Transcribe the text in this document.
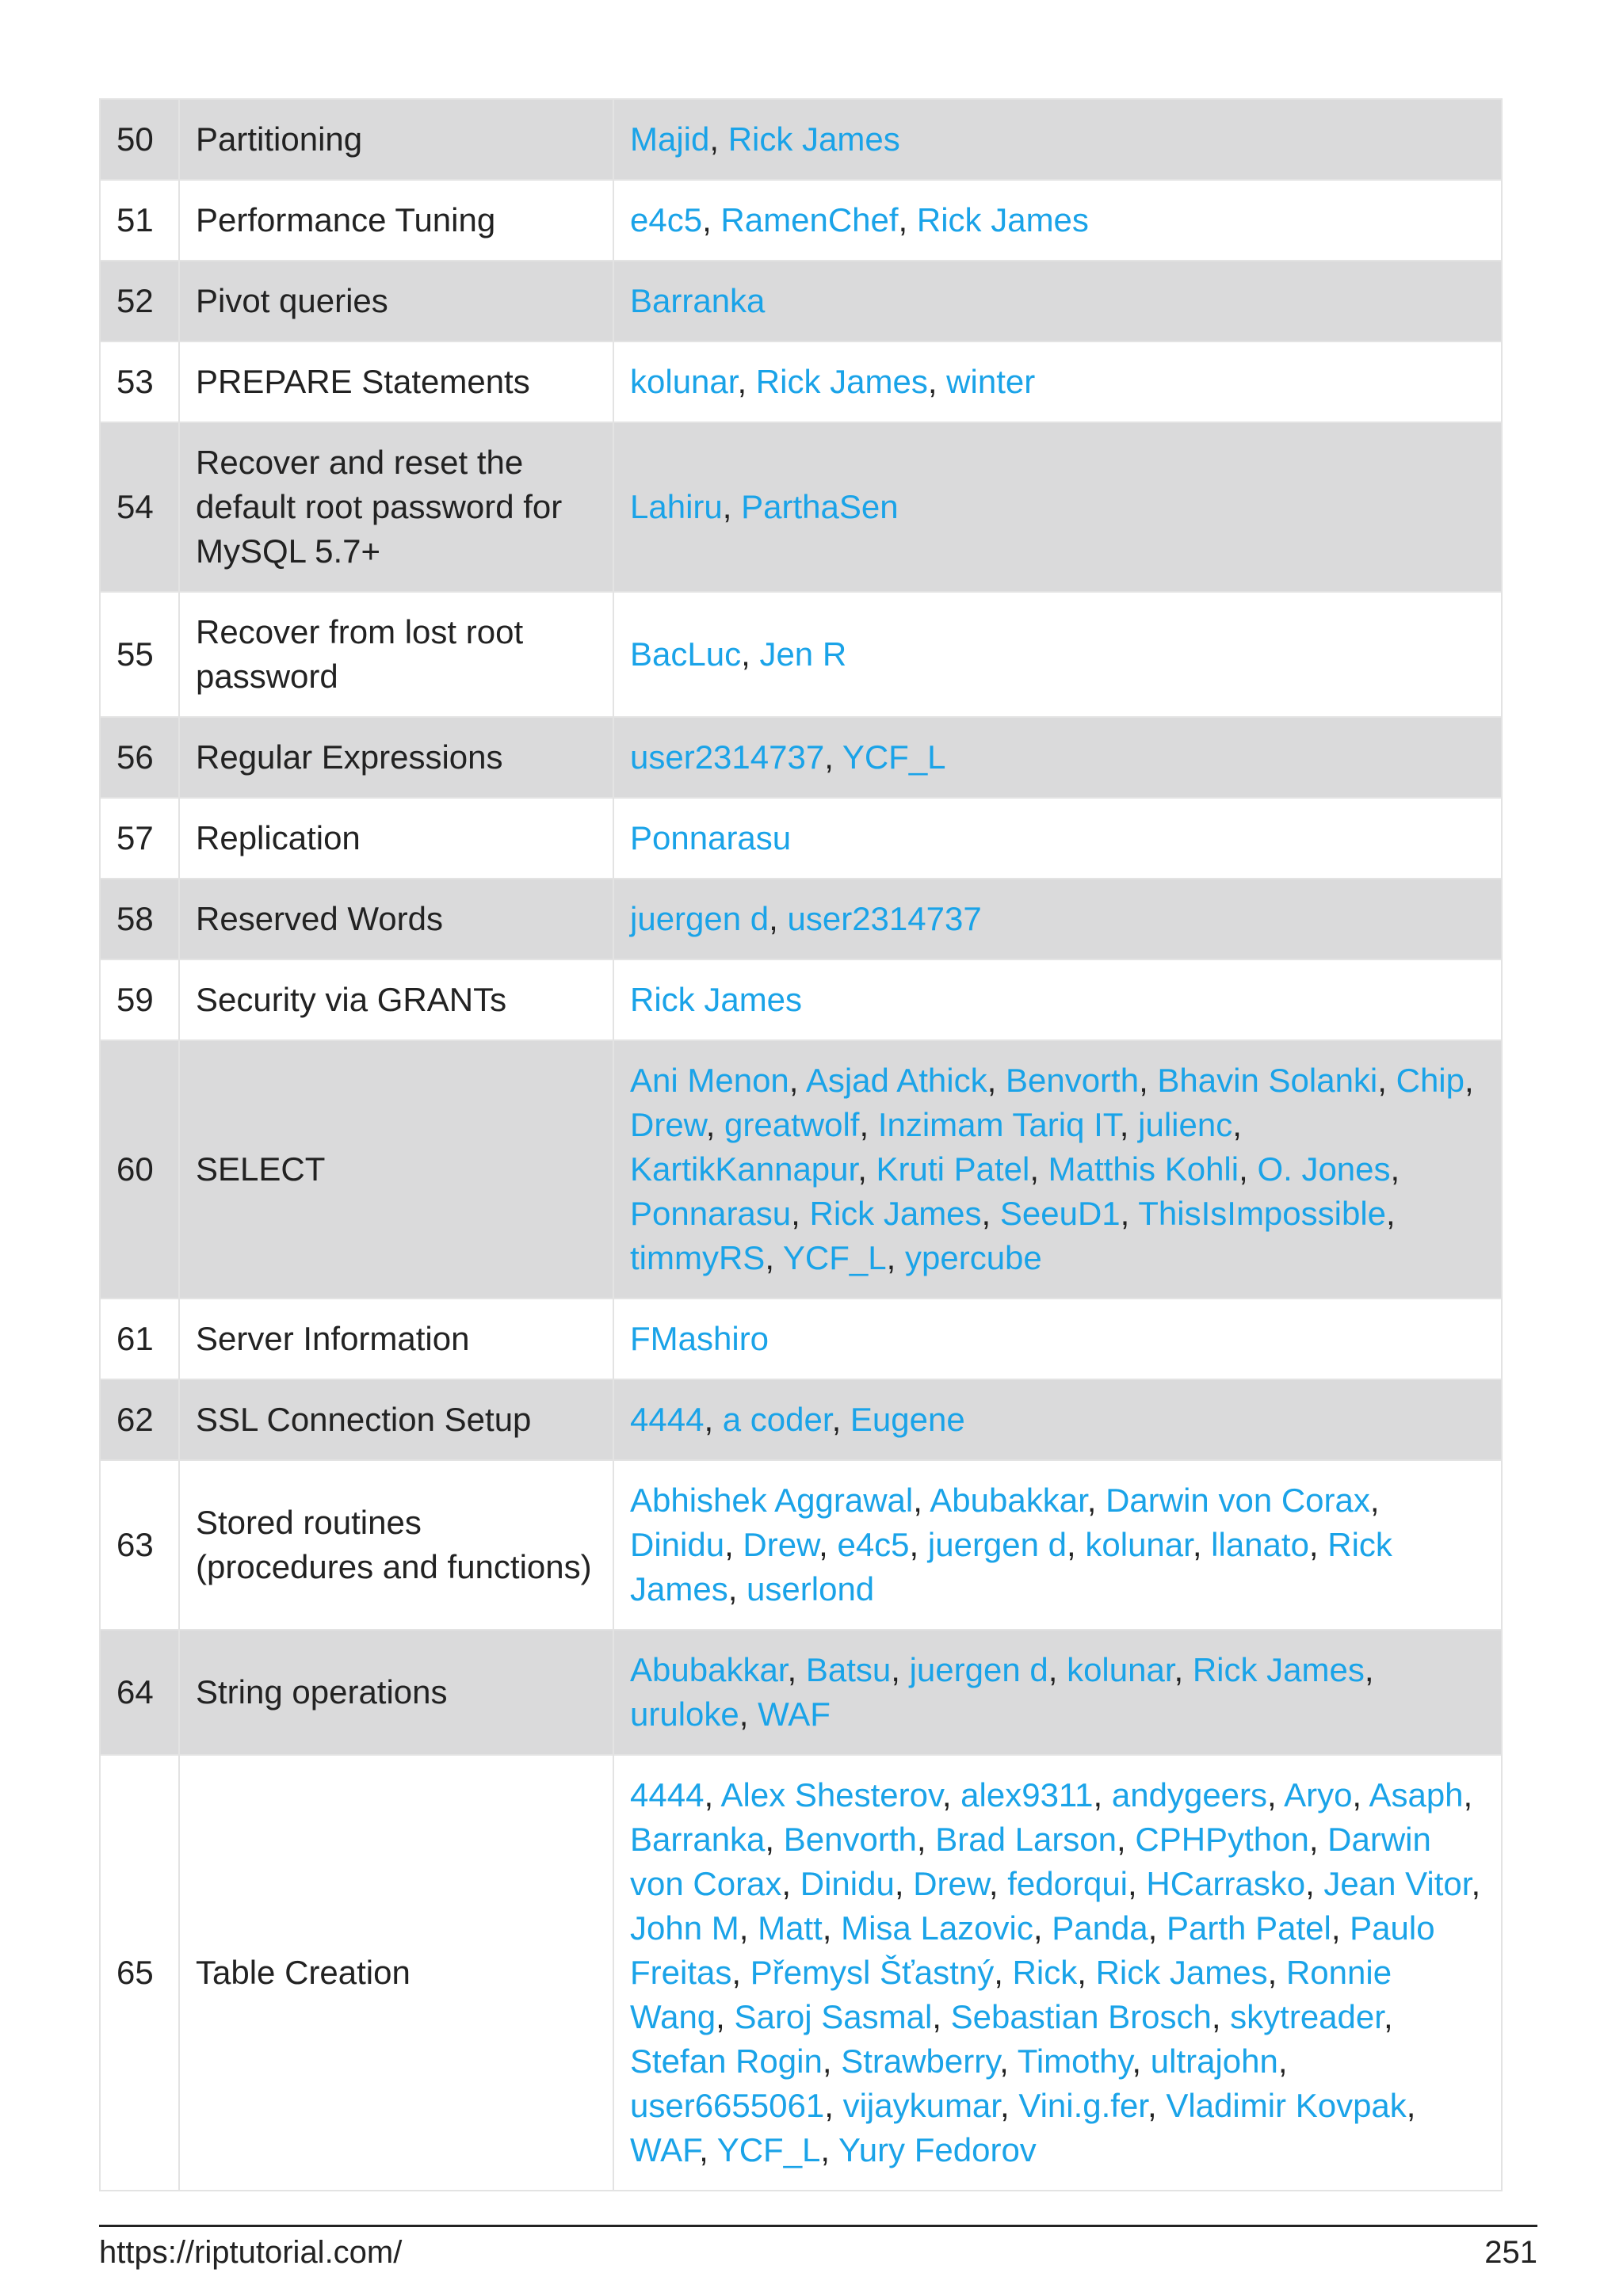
50	Partitioning	Majid, Rick James
51	Performance Tuning	e4c5, RamenChef, Rick James
52	Pivot queries	Barranka
53	PREPARE Statements	kolunar, Rick James, winter
54	Recover and reset the default root password for MySQL 5.7+	Lahiru, ParthaSen
55	Recover from lost root password	BacLuc, Jen R
56	Regular Expressions	user2314737, YCF_L
57	Replication	Ponnarasu
58	Reserved Words	juergen d, user2314737
59	Security via GRANTs	Rick James
60	SELECT	Ani Menon, Asjad Athick, Benvorth, Bhavin Solanki, Chip, Drew, greatwolf, Inzimam Tariq IT, julienc, KartikKannapur, Kruti Patel, Matthis Kohli, O. Jones, Ponnarasu, Rick James, SeeuD1, ThisIsImpossible, timmyRS, YCF_L, ypercube
61	Server Information	FMashiro
62	SSL Connection Setup	4444, a coder, Eugene
63	Stored routines (procedures and functions)	Abhishek Aggrawal, Abubakkar, Darwin von Corax, Dinidu, Drew, e4c5, juergen d, kolunar, llanato, Rick James, userlond
64	String operations	Abubakkar, Batsu, juergen d, kolunar, Rick James, uruloke, WAF
65	Table Creation	4444, Alex Shesterov, alex9311, andygeers, Aryo, Asaph, Barranka, Benvorth, Brad Larson, CPHPython, Darwin von Corax, Dinidu, Drew, fedorqui, HCarrasko, Jean Vitor, John M, Matt, Misa Lazovic, Panda, Parth Patel, Paulo Freitas, Přemysl Šťastný, Rick, Rick James, Ronnie Wang, Saroj Sasmal, Sebastian Brosch, skytreader, Stefan Rogin, Strawberry, Timothy, ultrajohn, user6655061, vijaykumar, Vini.g.fer, Vladimir Kovpak, WAF, YCF_L, Yury Fedorov
https://riptutorial.com/	251
